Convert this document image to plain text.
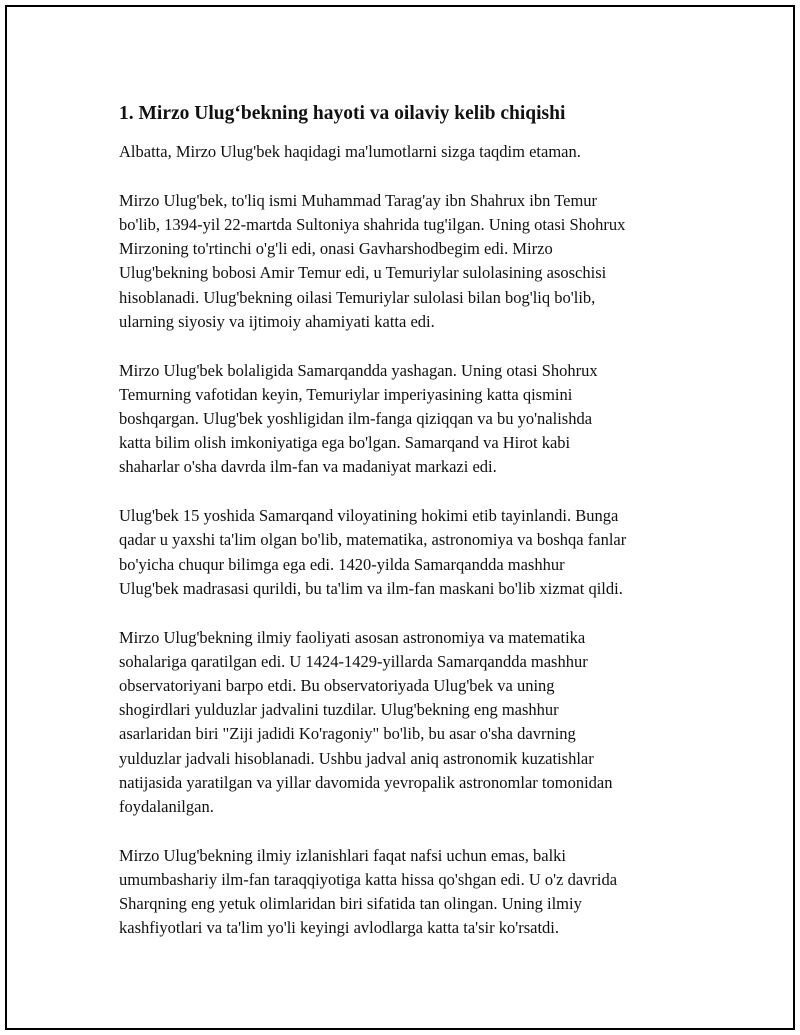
1. Mirzo Ulug‘bekning hayoti va oilaviy kelib chiqishi
Albatta, Mirzo Ulug'bek haqidagi ma'lumotlarni sizga taqdim etaman.
Mirzo Ulug'bek, to'liq ismi Muhammad Tarag'ay ibn Shahrux ibn Temur
bo'lib, 1394-yil 22-martda Sultoniya shahrida tug'ilgan. Uning otasi Shohrux
Mirzoning to'rtinchi o'g'li edi, onasi Gavharshodbegim edi. Mirzo
Ulug'bekning bobosi Amir Temur edi, u Temuriylar sulolasining asoschisi
hisoblanadi. Ulug'bekning oilasi Temuriylar sulolasi bilan bog'liq bo'lib,
ularning siyosiy va ijtimoiy ahamiyati katta edi.
Mirzo Ulug'bek bolaligida Samarqandda yashagan. Uning otasi Shohrux
Temurning vafotidan keyin, Temuriylar imperiyasining katta qismini
boshqargan. Ulug'bek yoshligidan ilm-fanga qiziqqan va bu yo'nalishda
katta bilim olish imkoniyatiga ega bo'lgan. Samarqand va Hirot kabi
shaharlar o'sha davrda ilm-fan va madaniyat markazi edi.
Ulug'bek 15 yoshida Samarqand viloyatining hokimi etib tayinlandi. Bunga
qadar u yaxshi ta'lim olgan bo'lib, matematika, astronomiya va boshqa fanlar
bo'yicha chuqur bilimga ega edi. 1420-yilda Samarqandda mashhur
Ulug'bek madrasasi qurildi, bu ta'lim va ilm-fan maskani bo'lib xizmat qildi.
Mirzo Ulug'bekning ilmiy faoliyati asosan astronomiya va matematika
sohalariga qaratilgan edi. U 1424-1429-yillarda Samarqandda mashhur
observatoriyani barpo etdi. Bu observatoriyada Ulug'bek va uning
shogirdlari yulduzlar jadvalini tuzdilar. Ulug'bekning eng mashhur
asarlaridan biri "Ziji jadidi Ko'ragoniy" bo'lib, bu asar o'sha davrning
yulduzlar jadvali hisoblanadi. Ushbu jadval aniq astronomik kuzatishlar
natijasida yaratilgan va yillar davomida yevropalik astronomlar tomonidan
foydalanilgan.
Mirzo Ulug'bekning ilmiy izlanishlari faqat nafsi uchun emas, balki
umumbashariy ilm-fan taraqqiyotiga katta hissa qo'shgan edi. U o'z davrida
Sharqning eng yetuk olimlaridan biri sifatida tan olingan. Uning ilmiy
kashfiyotlari va ta'lim yo'li keyingi avlodlarga katta ta'sir ko'rsatdi.
